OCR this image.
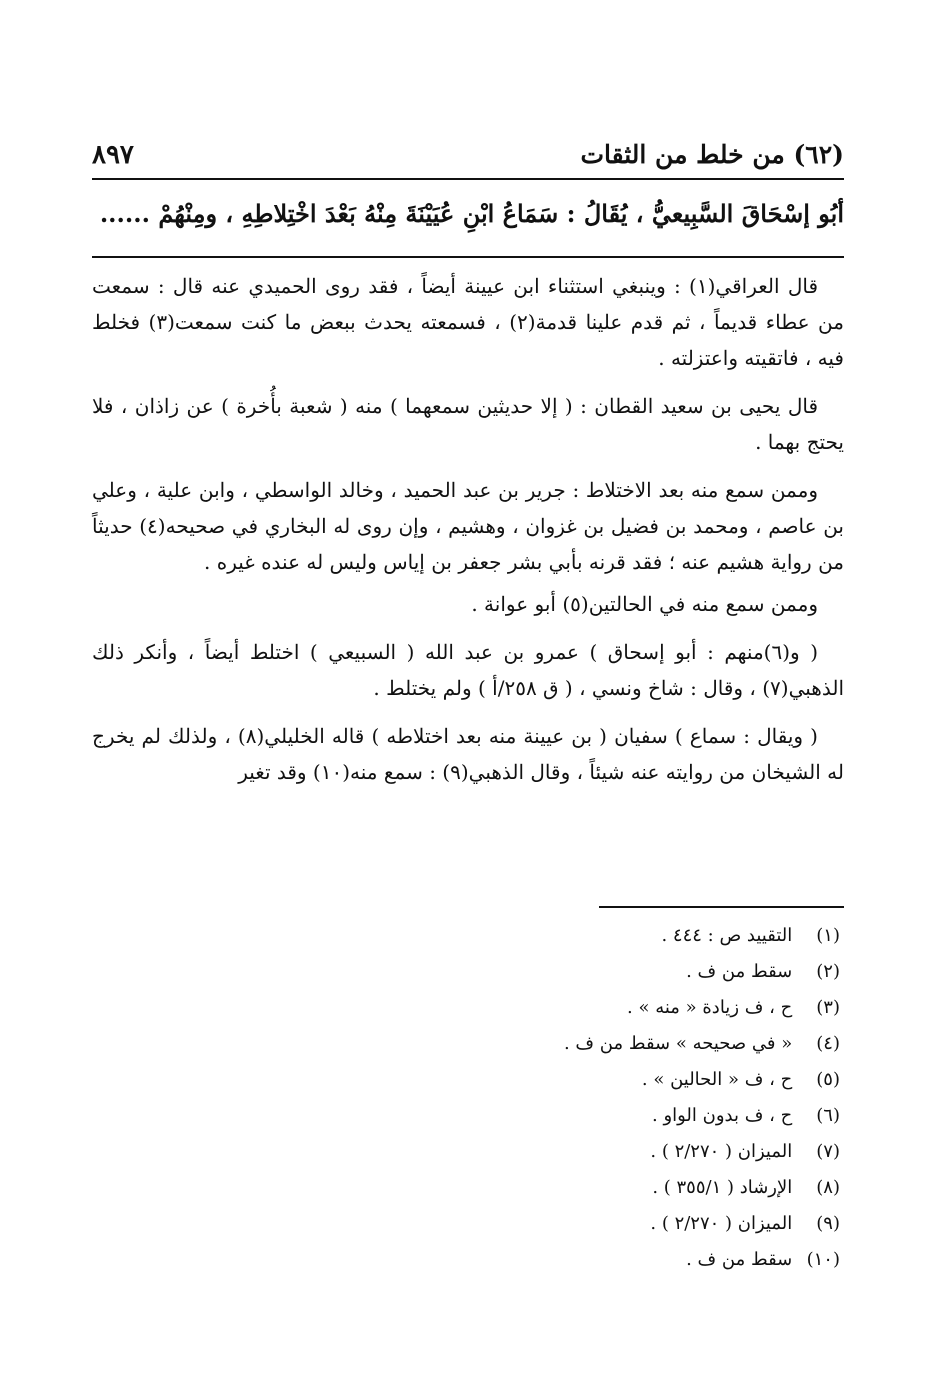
٨٩٧	(٦٢) من خلط من الثقات
أبُو إسْحَاقَ السَّبِيعيُّ ، يُقَالُ : سَمَاعُ ابْنِ عُيَيْنَةَ مِنْهُ بَعْدَ اخْتِلاطِهِ ، ومِنْهُمْ ......

قال العراقي(١) : وينبغي استثناء ابن عيينة أيضاً ، فقد روى الحميدي عنه قال : سمعت من عطاء قديماً ، ثم قدم علينا قدمة(٢) ، فسمعته يحدث ببعض ما كنت سمعت(٣) فخلط فيه ، فاتقيته واعتزلته .

قال يحيى بن سعيد القطان : ( إلا حديثين سمعهما ) منه ( شعبة بأُخرة ) عن زاذان ، فلا يحتج بهما .

وممن سمع منه بعد الاختلاط : جرير بن عبد الحميد ، وخالد الواسطي ، وابن علية ، وعلي بن عاصم ، ومحمد بن فضيل بن غزوان ، وهشيم ، وإن روى له البخاري في صحيحه(٤) حديثاً من رواية هشيم عنه ؛ فقد قرنه بأبي بشر جعفر بن إياس وليس له عنده غيره .

وممن سمع منه في الحالتين(٥) أبو عوانة .

( و(٦)منهم : أبو إسحاق ) عمرو بن عبد الله ( السبيعي ) اختلط أيضاً ، وأنكر ذلك الذهبي(٧) ، وقال : شاخ ونسي ، ( ق ٢٥٨/أ ) ولم يختلط .

( ويقال : سماع ) سفيان ( بن عيينة منه بعد اختلاطه ) قاله الخليلي(٨) ، ولذلك لم يخرج له الشيخان من روايته عنه شيئاً ، وقال الذهبي(٩) : سمع منه(١٠) وقد تغير

(١) التقييد ص : ٤٤٤ .
(٢) سقط من ف .
(٣) ح ، ف زيادة « منه » .
(٤) « في صحيحه » سقط من ف .
(٥) ح ، ف « الحالين » .
(٦) ح ، ف بدون الواو .
(٧) الميزان ( ٢/٢٧٠ ) .
(٨) الإرشاد ( ٣٥٥/١ ) .
(٩) الميزان ( ٢/٢٧٠ ) .
(١٠) سقط من ف .
